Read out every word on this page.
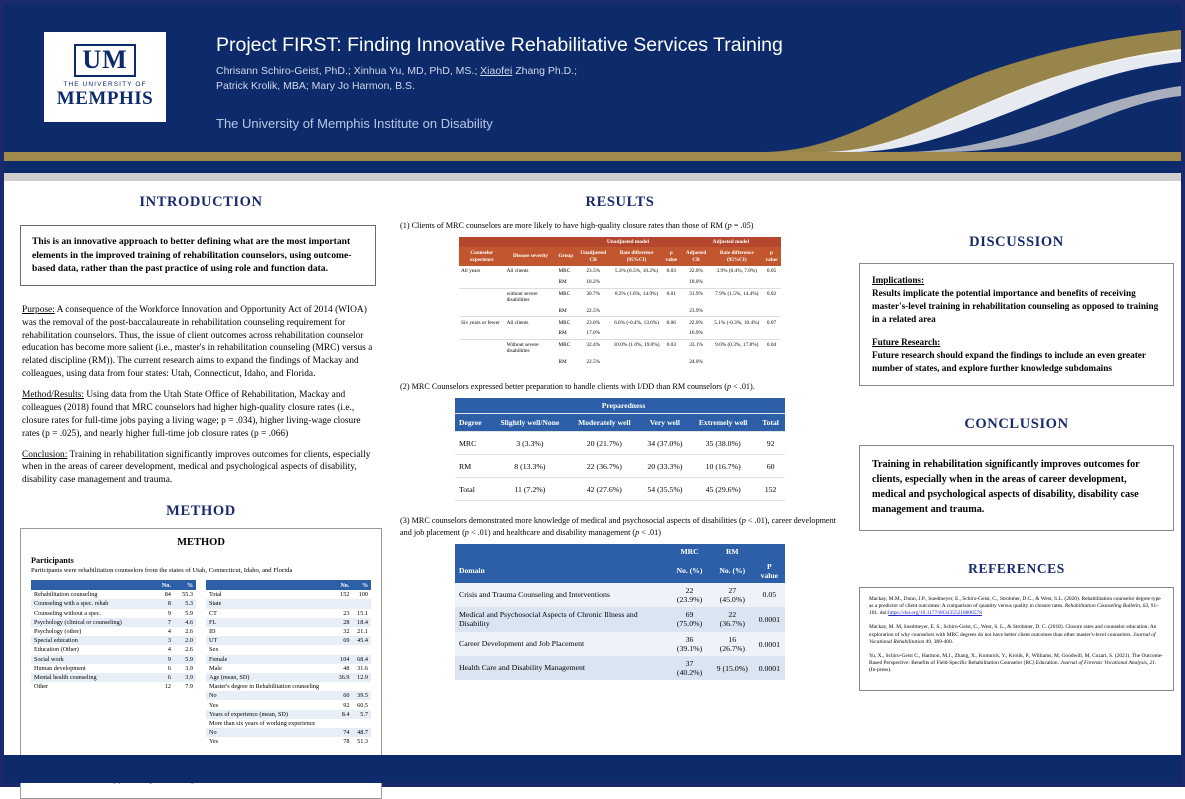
UM
THE UNIVERSITY OF
MEMPHIS
Project FIRST: Finding Innovative Rehabilitative Services Training
Chrisann Schiro-Geist, PhD.; Xinhua Yu, MD, PhD, MS.; Xiaofei Zhang Ph.D.;
Patrick Krolik, MBA; Mary Jo Harmon, B.S.
The University of Memphis Institute on Disability
INTRODUCTION
This is an innovative approach to better defining what are the most important elements in the improved training of rehabilitation counselors, using outcome-based data, rather than the past practice of using role and function data.

Purpose: A consequence of the Workforce Innovation and Opportunity Act of 2014 (WIOA) was the removal of the post-baccalaureate in rehabilitation counseling requirement for rehabilitation counselors. Thus, the issue of client outcomes across rehabilitation counselor education has become more salient (i.e., master's in rehabilitation counseling (MRC) versus a related discipline (RM)). The current research aims to expand the findings of Mackay and colleagues, using data from four states: Utah, Connecticut, Idaho, and Florida.

Method/Results: Using data from the Utah State Office of Rehabilitation, Mackay and colleagues (2018) found that MRC counselors had higher high-quality closure rates (i.e., closure rates for full-time jobs paying a living wage; p = .034), higher living-wage closure rates (p = .025), and nearly higher full-time job closure rates (p = .066)

Conclusion: Training in rehabilitation significantly improves outcomes for clients, especially when in the areas of career development, medical and psychological aspects of disability, disability case management and trauma.

METHOD
METHOD
Participants
Participants were rehabilitation counselors from the states of Utah, Connecticut, Idaho, and Florida
	No.	%
Rehabilitation counseling	84	55.3
Counseling with a spec. rehab	8	5.3
Counseling without a spec.	9	5.9
Psychology (clinical or counseling)	7	4.6
Psychology (other)	4	2.6
Special education	3	2.0
Education (Other)	4	2.6
Social work	9	5.9
Human development	6	3.9
Mental health counseling	6	3.9
Other	12	7.9
	No.	%
Total	152	100
State		
CT	23	15.1
FL	28	18.4
ID	32	21.1
UT	69	45.4
Sex		
Female	104	68.4
Male	48	31.6
Age (mean, SD)	36.9	12.9
Master's degree in Rehabilitation counseling		
No	60	39.5
Yes	92	60.5
Years of experience (mean, SD)	8.4	5.7
More than six years of working experience		
No	74	48.7
Yes	78	51.3
RESULTS

(1) Clients of MRC counselors are more likely to have high-quality closure rates than those of RM (p = .05)

			Unadjusted model			Adjusted model		
Counselor experience	Disease severity	Group	Unadjusted CR	Rate difference (95%CI)	p value	Adjusted CR	Rate difference (95%CI)	p value
All years	All clients	MRC	23.5%	5.3% (0.5%, 10.2%)	0.03	22.0%	3.9% (0.4%, 7.8%)	0.05
		RM	18.2%			18.0%		
	without severe disabilities	MRC	30.7%	8.2% (1.6%, 14.9%)	0.01	31.9%	7.9% (1.5%, 14.4%)	0.02
		RM	22.5%			23.9%		
Six years or fewer	All clients	MRC	23.6%	6.6% (-0.4%, 13.6%)	0.06	22.0%	5.1% (-0.3%, 10.4%)	0.07
		RM	17.0%			16.9%		
	Without severe disabilities	MRC	32.4%	10.0% (1.0%, 19.0%)	0.03	33.1%	9.0% (0.3%, 17.8%)	0.04
		RM	22.5%			24.0%		

(2) MRC Counselors expressed better preparation to handle clients with I/DD than RM counselors (p < .01).

	Preparedness				
Degree	Slightly well/None	Moderately well	Very well	Extremely well	Total
MRC	3 (3.3%)	20 (21.7%)	34 (37.0%)	35 (38.0%)	92
RM	8 (13.3%)	22 (36.7%)	20 (33.3%)	10 (16.7%)	60
Total	11 (7.2%)	42 (27.6%)	54 (35.5%)	45 (29.6%)	152

(3) MRC counselors demonstrated more knowledge of medical and psychosocial aspects of disabilities (p < .01), career development and job placement (p < .01) and healthcare and disability management (p < .01)

	MRC	RM	
Domain	No. (%)	No. (%)	P value
Crisis and Trauma Counseling and Interventions	22 (23.9%)	27 (45.0%)	0.05
Medical and Psychosocial Aspects of Chronic Illness and Disability	69 (75.0%)	22 (36.7%)	0.0001
Career Development and Job Placement	36 (39.1%)	16 (26.7%)	0.0001
Health Care and Disability Management	37 (40.2%)	9 (15.0%)	0.0001
DISCUSSION
Implications:
Results implicate the potential importance and benefits of receiving master's-level training in rehabilitation counseling as opposed to training in a related area
Future Research:
Future research should expand the findings to include an even greater number of states, and explore further knowledge subdomains
CONCLUSION
Training in rehabilitation significantly improves outcomes for clients, especially when in the areas of career development, medical and psychological aspects of disability, disability case management and trauma.
REFERENCES

Mackay, M.M., Dunn, J.P., Suedmeyer, E., Schiro-Geist, C., Strohmer, D.C., & West, S.L. (2020). Rehabilitation counselor degree type as a predictor of client outcomes: A comparison of quantity versus quality in closure rates. Rehabilitation Counseling Bulletin, 63, 91–101. doi:https://doi.org/10.1177/0034355218806578

Mackay, M. M, Suedmeyer, E. S., Schiro-Geist, C., West, S. L., & Strohmer, D. C. (2018). Closure rates and counselor education: An exploration of why counselors with MRC degrees do not have better client outcomes than other master's-level counselors. Journal of Vocational Rehabilitation 49, 389-400.

Yu, X., Schiro-Geist C., Harmon, M.J., Zhang, X., Kumnick, Y., Krolik, P., Williams, M, Goodwill, M, Cozart, S. (2021). The Outcome-Based Perspective: Benefits of Field-Specific Rehabilitation Counselor (RC) Education. Journal of Forensic Vocational Analysis, 21. (In-press).
